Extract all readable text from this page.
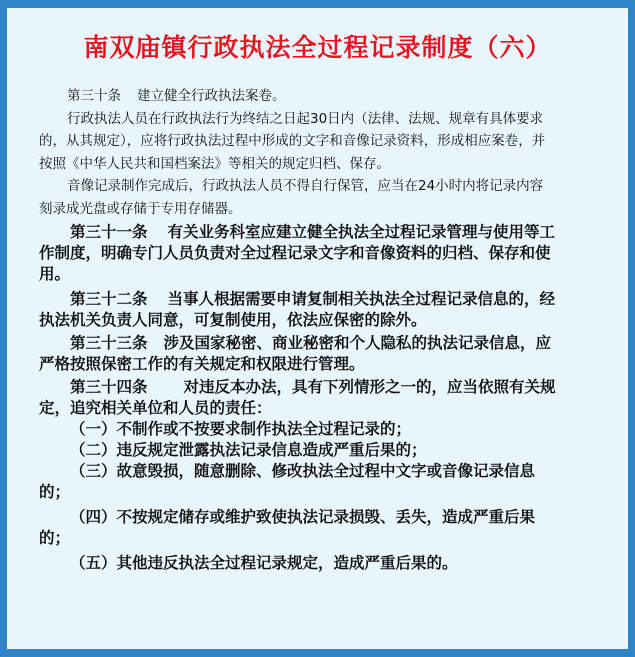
南双庙镇行政执法全过程记录制度（六）

第三十条 建立健全行政执法案卷。

行政执法人员在行政执法行为终结之日起30日内（法律、法规、规章有具体要求

的，从其规定），应将行政执法过程中形成的文字和音像记录资料，形成相应案卷，并

按照《中华人民共和国档案法》等相关的规定归档、保存。

音像记录制作完成后，行政执法人员不得自行保管，应当在24小时内将记录内容

刻录成光盘或存储于专用存储器。

第三十一条 有关业务科室应建立健全执法全过程记录管理与使用等工

作制度，明确专门人员负责对全过程记录文字和音像资料的归档、保存和使

用。

第三十二条 当事人根据需要申请复制相关执法全过程记录信息的，经

执法机关负责人同意，可复制使用，依法应保密的除外。

第三十三条 涉及国家秘密、商业秘密和个人隐私的执法记录信息，应

严格按照保密工作的有关规定和权限进行管理。

第三十四条 对违反本办法，具有下列情形之一的，应当依照有关规

定，追究相关单位和人员的责任：

（一）不制作或不按要求制作执法全过程记录的；

（二）违反规定泄露执法记录信息造成严重后果的；

（三）故意毁损，随意删除、修改执法全过程中文字或音像记录信息

的；

（四）不按规定储存或维护致使执法记录损毁、丢失，造成严重后果

的；

（五）其他违反执法全过程记录规定，造成严重后果的。
